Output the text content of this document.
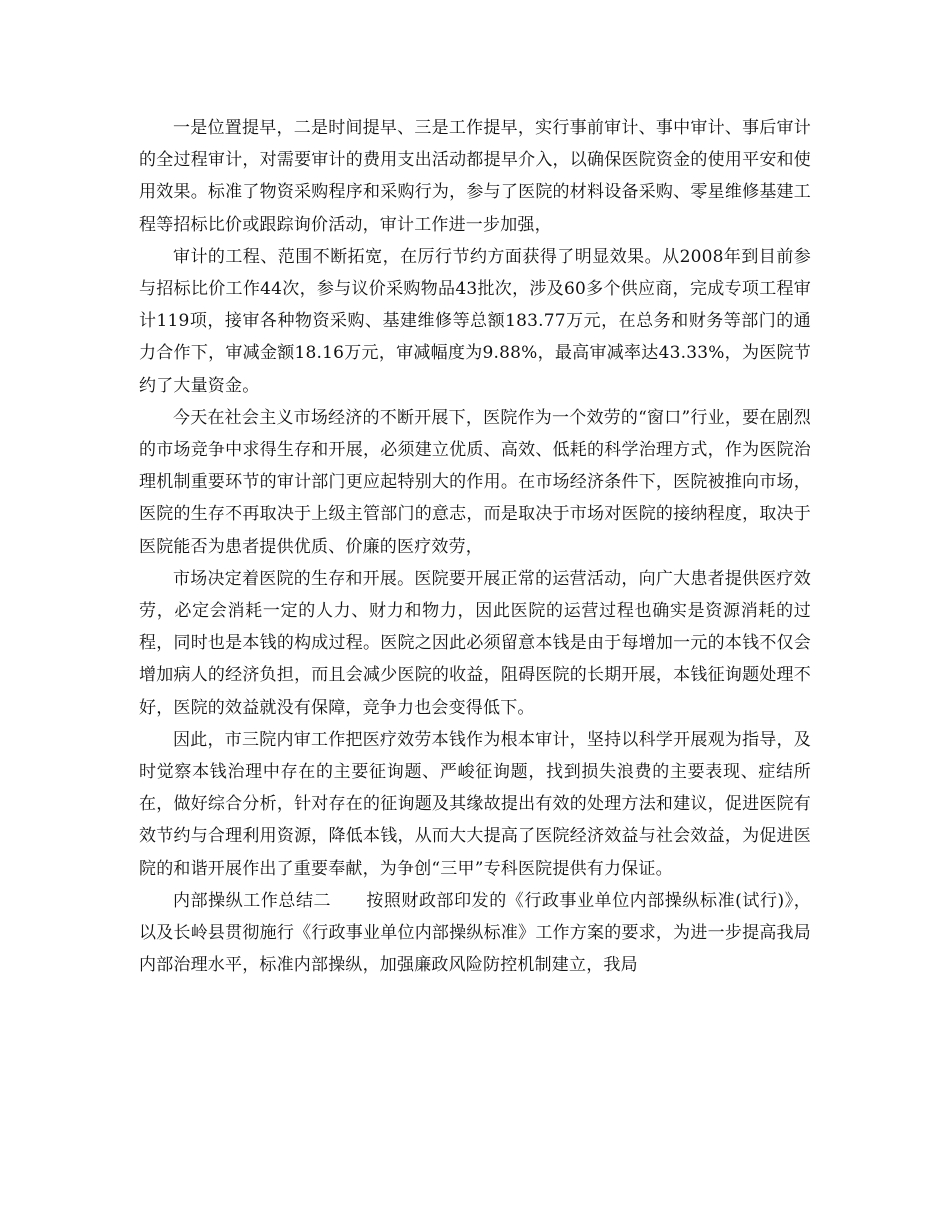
一是位置提早，二是时间提早、三是工作提早，实行事前审计、事中审计、事后审计的全过程审计，对需要审计的费用支出活动都提早介入，以确保医院资金的使用平安和使用效果。标准了物资采购程序和采购行为，参与了医院的材料设备采购、零星维修基建工程等招标比价或跟踪询价活动，审计工作进一步加强，

审计的工程、范围不断拓宽，在厉行节约方面获得了明显效果。从2008年到目前参与招标比价工作44次，参与议价采购物品43批次，涉及60多个供应商，完成专项工程审计119项，接审各种物资采购、基建维修等总额183.77万元，在总务和财务等部门的通力合作下，审减金额18.16万元，审减幅度为9.88%，最高审减率达43.33%，为医院节约了大量资金。

今天在社会主义市场经济的不断开展下，医院作为一个效劳的“窗口”行业，要在剧烈的市场竞争中求得生存和开展，必须建立优质、高效、低耗的科学治理方式，作为医院治理机制重要环节的审计部门更应起特别大的作用。在市场经济条件下，医院被推向市场，医院的生存不再取决于上级主管部门的意志，而是取决于市场对医院的接纳程度，取决于医院能否为患者提供优质、价廉的医疗效劳，

市场决定着医院的生存和开展。医院要开展正常的运营活动，向广大患者提供医疗效劳，必定会消耗一定的人力、财力和物力，因此医院的运营过程也确实是资源消耗的过程，同时也是本钱的构成过程。医院之因此必须留意本钱是由于每增加一元的本钱不仅会增加病人的经济负担，而且会减少医院的收益，阻碍医院的长期开展，本钱征询题处理不好，医院的效益就没有保障，竞争力也会变得低下。

因此，市三院内审工作把医疗效劳本钱作为根本审计，坚持以科学开展观为指导，及时觉察本钱治理中存在的主要征询题、严峻征询题，找到损失浪费的主要表现、症结所在，做好综合分析，针对存在的征询题及其缘故提出有效的处理方法和建议，促进医院有效节约与合理利用资源，降低本钱，从而大大提高了医院经济效益与社会效益，为促进医院的和谐开展作出了重要奉献，为争创“三甲”专科医院提供有力保证。

内部操纵工作总结二　　按照财政部印发的《行政事业单位内部操纵标准(试行)》，以及长岭县贯彻施行《行政事业单位内部操纵标准》工作方案的要求，为进一步提高我局内部治理水平，标准内部操纵，加强廉政风险防控机制建立，我局
